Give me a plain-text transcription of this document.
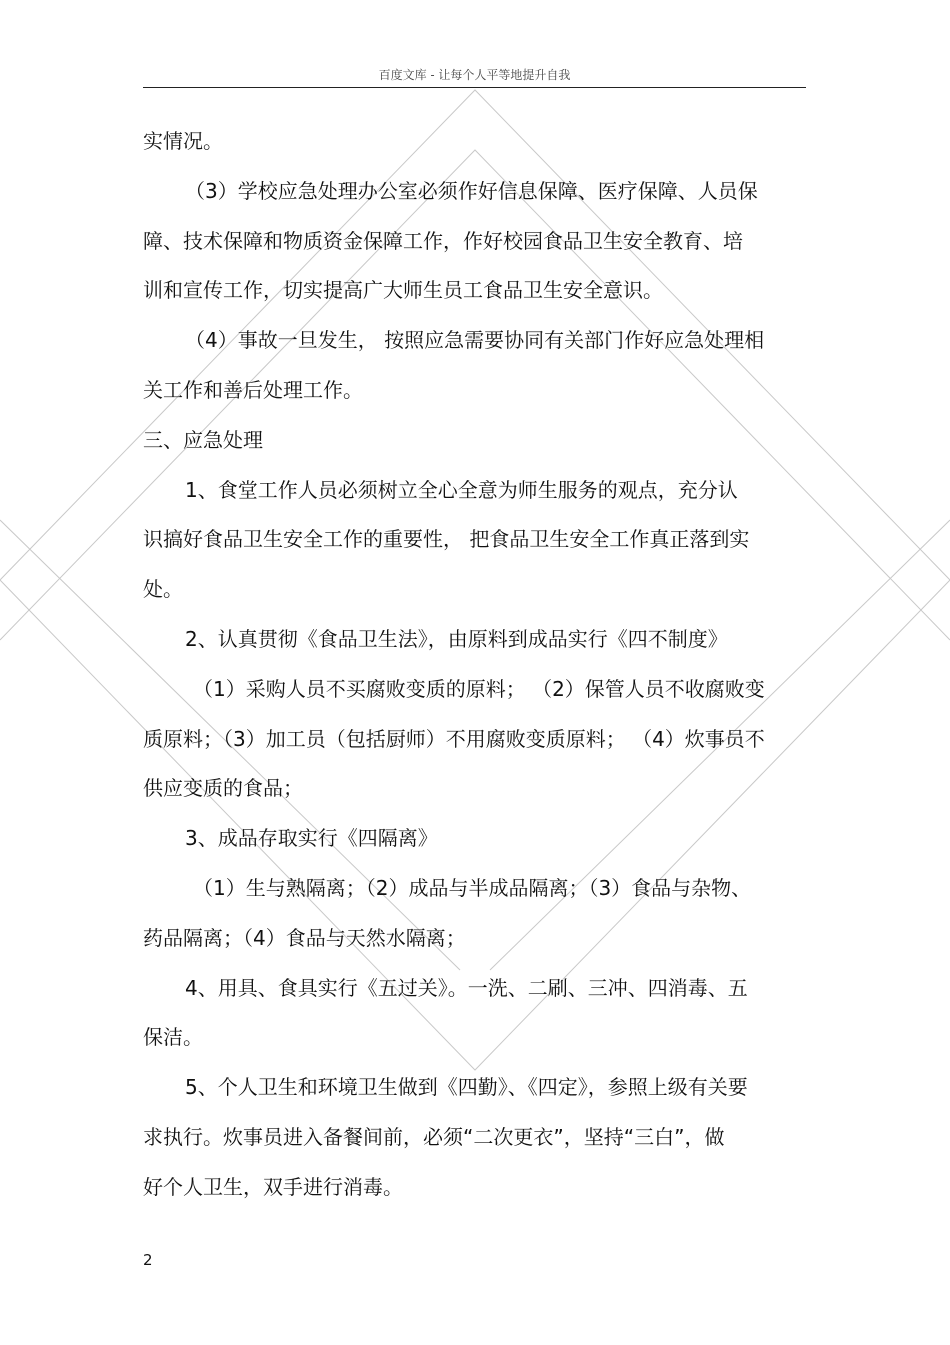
百度文库 - 让每个人平等地提升自我
实情况。
（3）学校应急处理办公室必须作好信息保障、医疗保障、人员保
障、技术保障和物质资金保障工作，作好校园食品卫生安全教育、培
训和宣传工作，切实提高广大师生员工食品卫生安全意识。
（4）事故一旦发生， 按照应急需要协同有关部门作好应急处理相
关工作和善后处理工作。
三、应急处理
1、食堂工作人员必须树立全心全意为师生服务的观点，充分认
识搞好食品卫生安全工作的重要性， 把食品卫生安全工作真正落到实
处。
2、认真贯彻《食品卫生法》，由原料到成品实行《四不制度》
（1）采购人员不买腐败变质的原料； （2）保管人员不收腐败变
质原料；（3）加工员（包括厨师）不用腐败变质原料； （4）炊事员不
供应变质的食品；
3、成品存取实行《四隔离》
（1）生与熟隔离；（2）成品与半成品隔离；（3）食品与杂物、
药品隔离；（4）食品与天然水隔离；
4、用具、食具实行《五过关》。一洗、二刷、三冲、四消毒、五
保洁。
5、个人卫生和环境卫生做到《四勤》、《四定》，参照上级有关要
求执行。炊事员进入备餐间前，必须“二次更衣”，坚持“三白”，做
好个人卫生，双手进行消毒。
2
